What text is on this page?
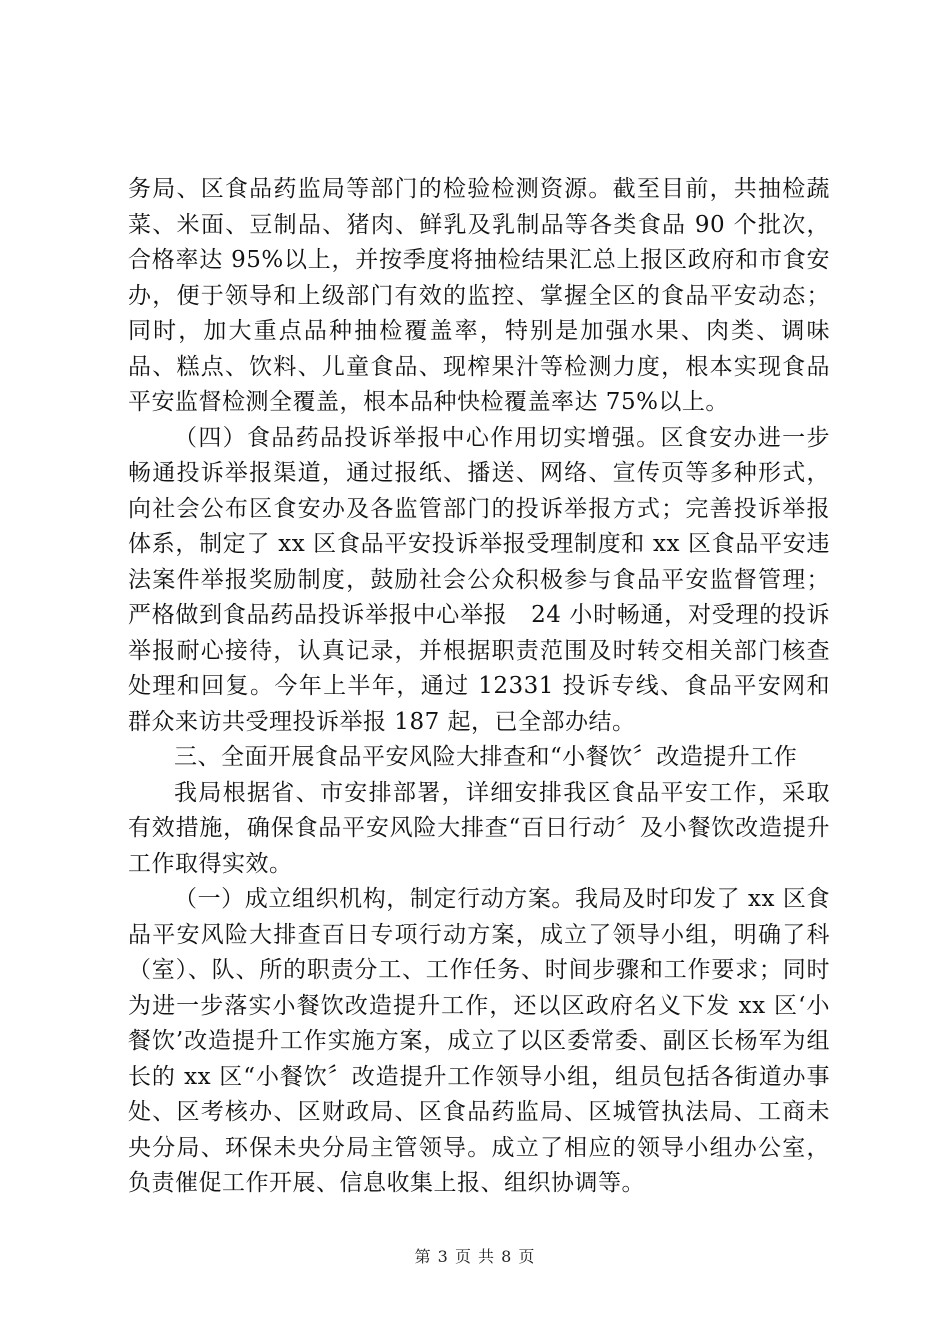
务局、区食品药监局等部门的检验检测资源。截至目前，共抽检蔬菜、米面、豆制品、猪肉、鲜乳及乳制品等各类食品 90 个批次，合格率达 95%以上，并按季度将抽检结果汇总上报区政府和市食安办，便于领导和上级部门有效的监控、掌握全区的食品平安动态；同时，加大重点品种抽检覆盖率，特别是加强水果、肉类、调味品、糕点、饮料、儿童食品、现榨果汁等检测力度，根本实现食品平安监督检测全覆盖，根本品种快检覆盖率达 75%以上。

（四）食品药品投诉举报中心作用切实增强。区食安办进一步畅通投诉举报渠道，通过报纸、播送、网络、宣传页等多种形式，向社会公布区食安办及各监管部门的投诉举报方式；完善投诉举报体系，制定了 xx 区食品平安投诉举报受理制度和 xx 区食品平安违法案件举报奖励制度，鼓励社会公众积极参与食品平安监督管理；严格做到食品药品投诉举报中心举报　24 小时畅通，对受理的投诉举报耐心接待，认真记录，并根据职责范围及时转交相关部门核查处理和回复。今年上半年，通过 12331 投诉专线、食品平安网和群众来访共受理投诉举报 187 起，已全部办结。

三、全面开展食品平安风险大排查和“小餐饮〞改造提升工作

我局根据省、市安排部署，详细安排我区食品平安工作，采取有效措施，确保食品平安风险大排查“百日行动〞及小餐饮改造提升工作取得实效。

（一）成立组织机构，制定行动方案。我局及时印发了 xx 区食品平安风险大排查百日专项行动方案，成立了领导小组，明确了科（室）、队、所的职责分工、工作任务、时间步骤和工作要求；同时为进一步落实小餐饮改造提升工作，还以区政府名义下发 xx 区‘小餐饮’改造提升工作实施方案，成立了以区委常委、副区长杨军为组长的 xx 区“小餐饮〞改造提升工作领导小组，组员包括各街道办事处、区考核办、区财政局、区食品药监局、区城管执法局、工商未央分局、环保未央分局主管领导。成立了相应的领导小组办公室，负责催促工作开展、信息收集上报、组织协调等。

第 3 页 共 8 页
